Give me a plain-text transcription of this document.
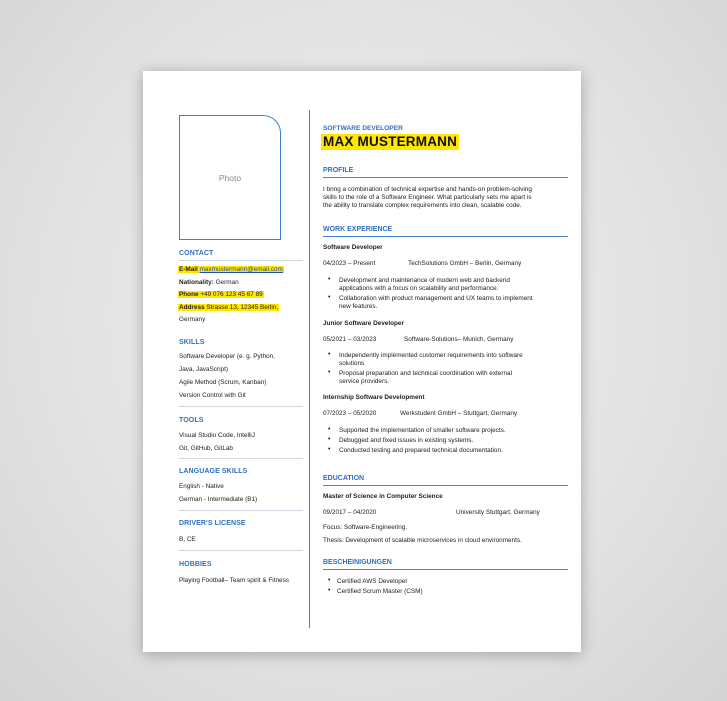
Photo
CONTACT
E-Mail maxmustermann@email.com
Nationality: German
Phone +49 076 123 45 67 89
Address Strasse 13, 12345 Berlin,
Germany
SKILLS
Software Developer (e. g. Python,
Java, JavaScript)
Agile Method (Scrum, Kanban)
Version Control with Git
TOOLS
Visual Studio Code, IntelliJ
Git, GitHub, GitLab
LANGUAGE SKILLS
English - Native
German - Intermediate (B1)
DRIVER'S LICENSE
B, CE
HOBBIES
Playing Football– Team spirit & Fitness
SOFTWARE DEVELOPER
MAX MUSTERMANN
PROFILE
I bring a combination of technical expertise and hands-on problem-solving
skills to the role of a Software Engineer. What particularly sets me apart is
the ability to translate complex requirements into clean, scalable code.
WORK EXPERIENCE
Software Developer
04/2023 – Present	TechSolutions GmbH – Berlin, Germany
• Development and maintenance of modern web and backend
applications with a focus on scalability and performance.
• Collaboration with product management and UX teams to implement
new features.
Junior Software Developer
05/2021 – 03/2023	Software-Solutions– Munich, Germany
• Independently implemented customer requirements into software
solutions
• Proposal preparation and technical coordination with external
service providers.
Internship Software Development
07/2023 – 05/2020	Werkstudent GmbH – Stuttgart, Germany
• Supported the implementation of smaller software projects.
• Debugged and fixed issues in existing systems.
• Conducted testing and prepared technical documentation.
EDUCATION
Master of Science in Computer Science
09/2017 – 04/2020	University Stuttgart, Germany
Focus: Software-Engineering.
Thesis: Development of scalable microservices in cloud environments.
BESCHEINIGUNGEN
• Certified AWS Developer
• Certified Scrum Master (CSM)
